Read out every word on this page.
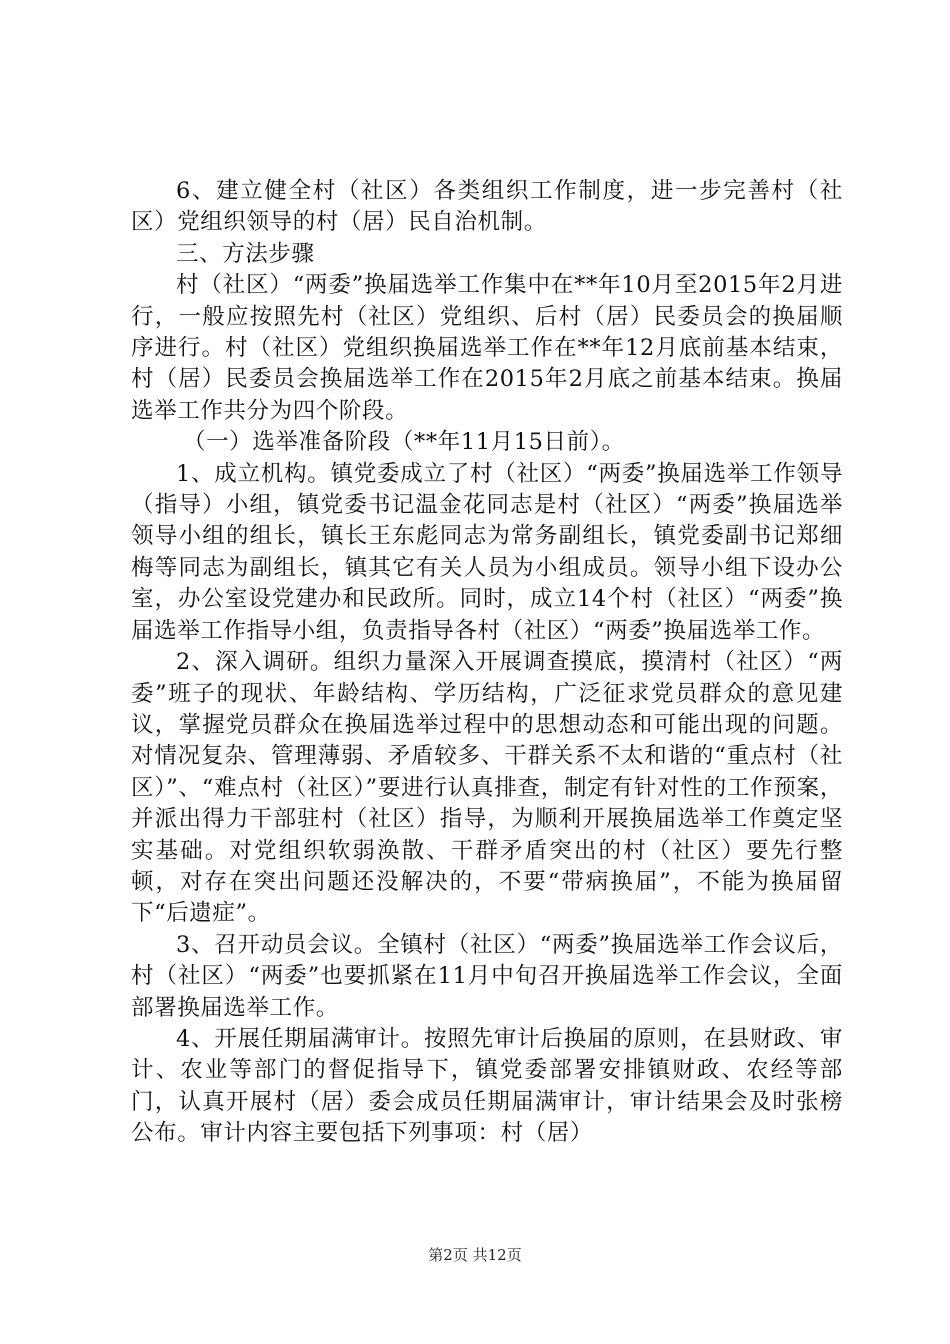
6、建立健全村（社区）各类组织工作制度，进一步完善村（社区）党组织领导的村（居）民自治机制。

三、方法步骤

村（社区）“两委”换届选举工作集中在**年10月至2015年2月进行，一般应按照先村（社区）党组织、后村（居）民委员会的换届顺序进行。村（社区）党组织换届选举工作在**年12月底前基本结束，村（居）民委员会换届选举工作在2015年2月底之前基本结束。换届选举工作共分为四个阶段。

（一）选举准备阶段（**年11月15日前）。

1、成立机构。镇党委成立了村（社区）“两委”换届选举工作领导（指导）小组，镇党委书记温金花同志是村（社区）“两委”换届选举领导小组的组长，镇长王东彪同志为常务副组长，镇党委副书记郑细梅等同志为副组长，镇其它有关人员为小组成员。领导小组下设办公室，办公室设党建办和民政所。同时，成立14个村（社区）“两委”换届选举工作指导小组，负责指导各村（社区）“两委”换届选举工作。

2、深入调研。组织力量深入开展调查摸底，摸清村（社区）“两委”班子的现状、年龄结构、学历结构，广泛征求党员群众的意见建议，掌握党员群众在换届选举过程中的思想动态和可能出现的问题。对情况复杂、管理薄弱、矛盾较多、干群关系不太和谐的“重点村（社区）”、“难点村（社区）”要进行认真排查，制定有针对性的工作预案，并派出得力干部驻村（社区）指导，为顺利开展换届选举工作奠定坚实基础。对党组织软弱涣散、干群矛盾突出的村（社区）要先行整顿，对存在突出问题还没解决的，不要“带病换届”，不能为换届留下“后遗症”。

3、召开动员会议。全镇村（社区）“两委”换届选举工作会议后，村（社区）“两委”也要抓紧在11月中旬召开换届选举工作会议，全面部署换届选举工作。

4、开展任期届满审计。按照先审计后换届的原则，在县财政、审计、农业等部门的督促指导下，镇党委部署安排镇财政、农经等部门，认真开展村（居）委会成员任期届满审计，审计结果会及时张榜公布。审计内容主要包括下列事项：村（居）

第2页 共12页
